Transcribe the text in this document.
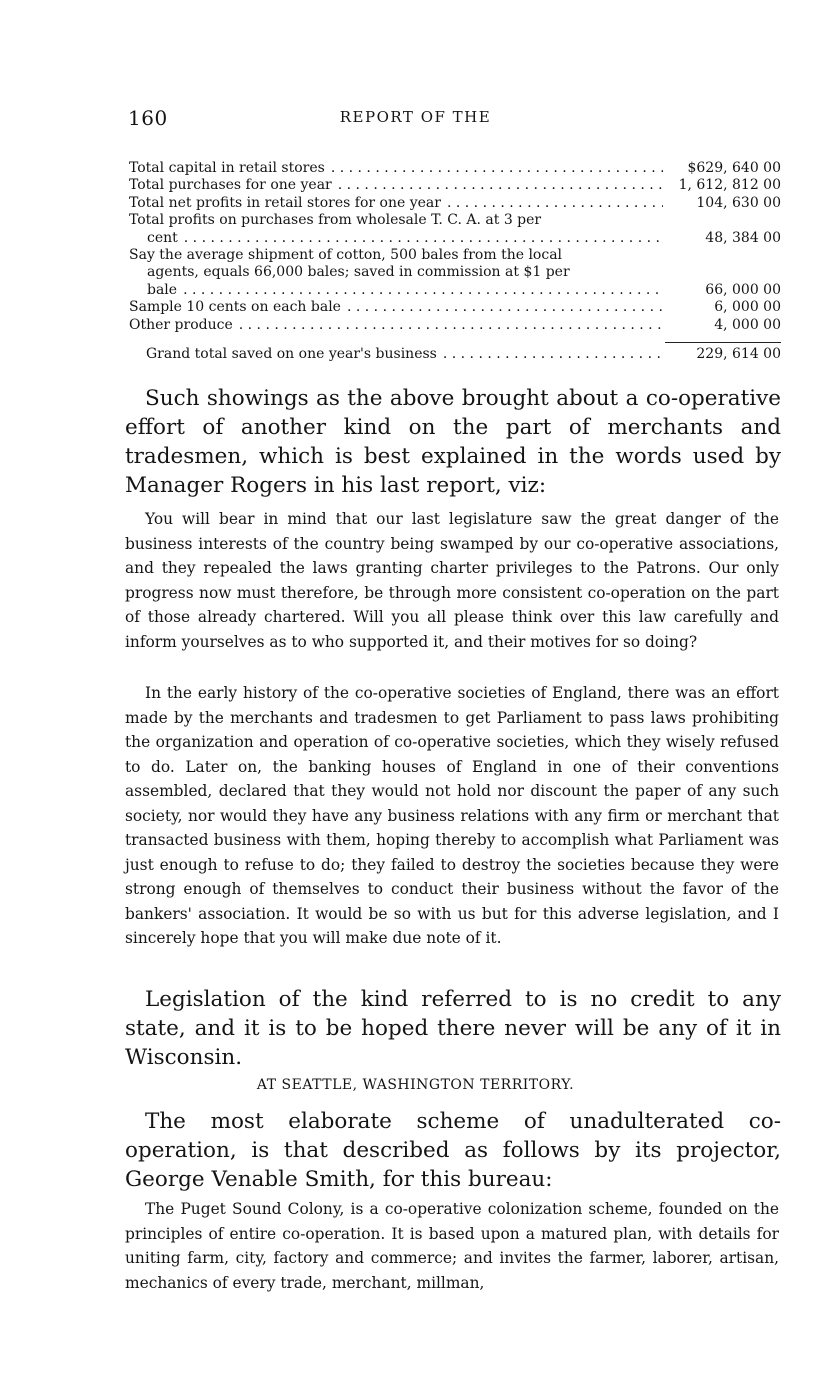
160	REPORT OF THE
Total capital in retail stores . . .	$629, 640 00
Total purchases for one year . . .	1, 612, 812 00
Total net profits in retail stores for one year . . .	104, 630 00
Total profits on purchases from wholesale T. C. A. at 3 per
cent . . .	48, 384 00
Say the average shipment of cotton, 500 bales from the local
agents, equals 66,000 bales; saved in commission at $1 per
bale . . .	66, 000 00
Sample 10 cents on each bale . . .	6, 000 00
Other produce . . .	4, 000 00
Grand total saved on one year's business . . .	229, 614 00

Such showings as the above brought about a co-operative effort of another kind on the part of merchants and tradesmen, which is best explained in the words used by Manager Rogers in his last report, viz:

You will bear in mind that our last legislature saw the great danger of the business interests of the country being swamped by our co-operative associations, and they repealed the laws granting charter privileges to the Patrons. Our only progress now must therefore, be through more consistent co-operation on the part of those already chartered. Will you all please think over this law carefully and inform yourselves as to who supported it, and their motives for so doing?

In the early history of the co-operative societies of England, there was an effort made by the merchants and tradesmen to get Parliament to pass laws prohibiting the organization and operation of co-operative societies, which they wisely refused to do. Later on, the banking houses of England in one of their conventions assembled, declared that they would not hold nor discount the paper of any such society, nor would they have any business relations with any firm or merchant that transacted business with them, hoping thereby to accomplish what Parliament was just enough to refuse to do; they failed to destroy the societies because they were strong enough of themselves to conduct their business without the favor of the bankers' association. It would be so with us but for this adverse legislation, and I sincerely hope that you will make due note of it.

Legislation of the kind referred to is no credit to any state, and it is to be hoped there never will be any of it in Wisconsin.

AT SEATTLE, WASHINGTON TERRITORY.

The most elaborate scheme of unadulterated co-operation, is that described as follows by its projector, George Venable Smith, for this bureau:

The Puget Sound Colony, is a co-operative colonization scheme, founded on the principles of entire co-operation. It is based upon a matured plan, with details for uniting farm, city, factory and commerce; and invites the farmer, laborer, artisan, mechanics of every trade, merchant, millman,
